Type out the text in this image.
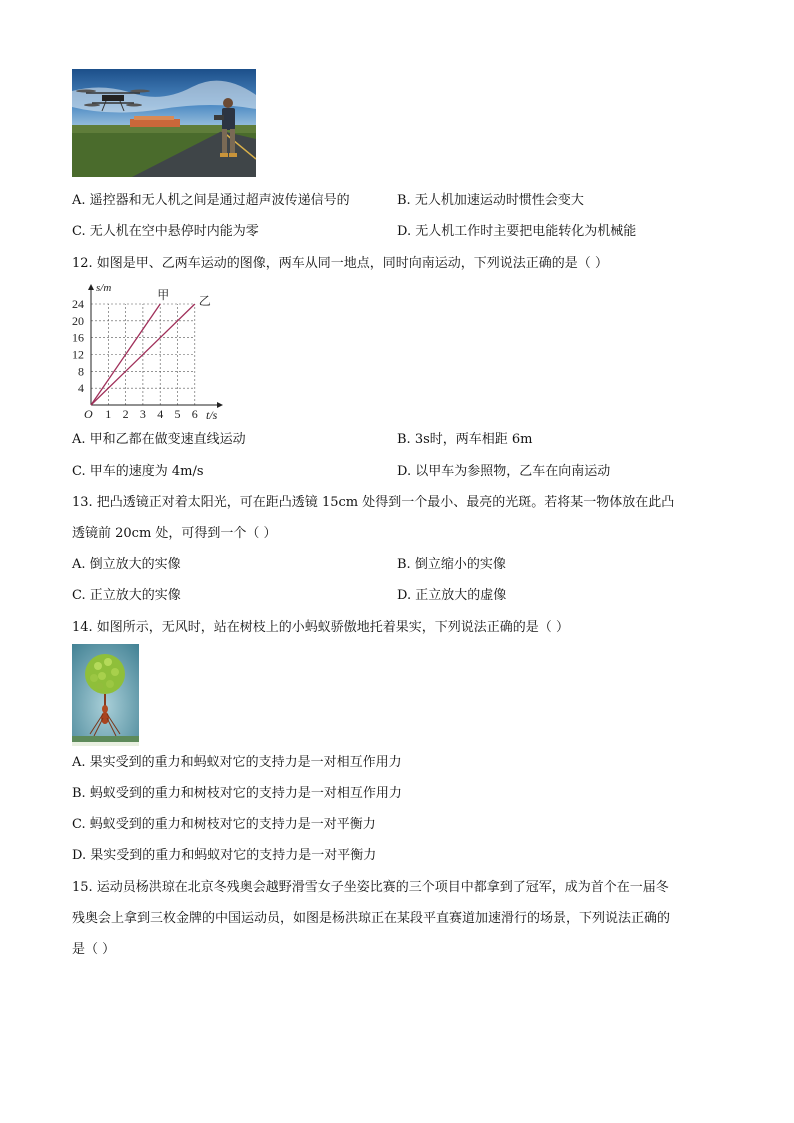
A. 遥控器和无人机之间是通过超声波传递信号的	B. 无人机加速运动时惯性会变大
C. 无人机在空中悬停时内能为零	D. 无人机工作时主要把电能转化为机械能
12. 如图是甲、乙两车运动的图像，两车从同一地点，同时向南运动，下列说法正确的是（ ）
1 2 3 4 5 6
4
8
12
16
20
24
甲 乙
s/m
t/s
O
A. 甲和乙都在做变速直线运动	B. 3s时，两车相距 6m
C. 甲车的速度为 4m/s	D. 以甲车为参照物，乙车在向南运动
13. 把凸透镜正对着太阳光，可在距凸透镜 15cm 处得到一个最小、最亮的光斑。若将某一物体放在此凸
透镜前 20cm 处，可得到一个（ ）
A. 倒立放大的实像	B. 倒立缩小的实像
C. 正立放大的实像	D. 正立放大的虚像
14. 如图所示，无风时，站在树枝上的小蚂蚁骄傲地托着果实，下列说法正确的是（ ）
A. 果实受到的重力和蚂蚁对它的支持力是一对相互作用力
B. 蚂蚁受到的重力和树枝对它的支持力是一对相互作用力
C. 蚂蚁受到的重力和树枝对它的支持力是一对平衡力
D. 果实受到的重力和蚂蚁对它的支持力是一对平衡力
15. 运动员杨洪琼在北京冬残奥会越野滑雪女子坐姿比赛的三个项目中都拿到了冠军，成为首个在一届冬
残奥会上拿到三枚金牌的中国运动员，如图是杨洪琼正在某段平直赛道加速滑行的场景，下列说法正确的
是（ ）
